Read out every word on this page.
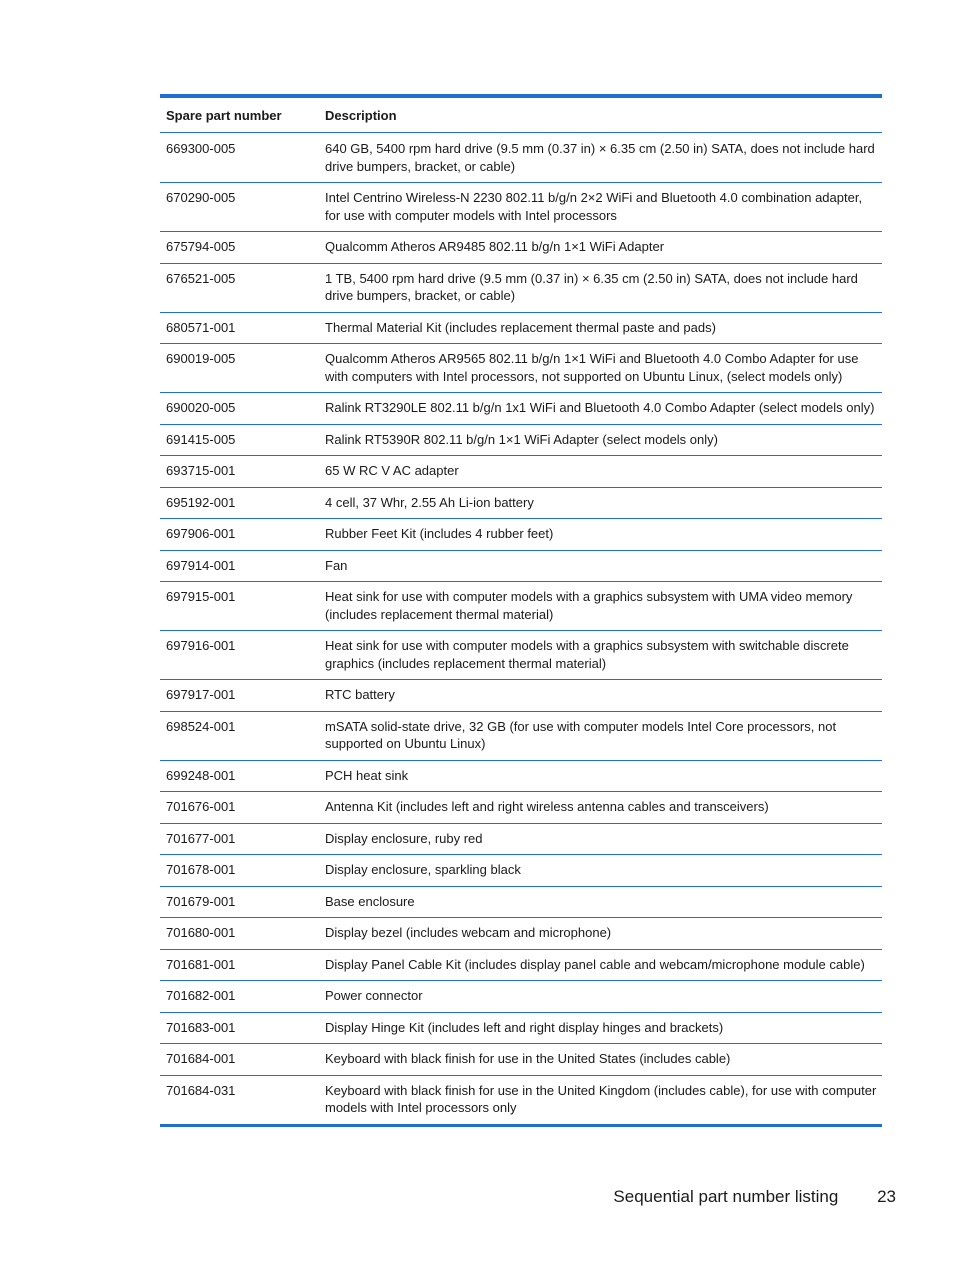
Spare part number	Description
669300-005	640 GB, 5400 rpm hard drive (9.5 mm (0.37 in) × 6.35 cm (2.50 in) SATA, does not include hard drive bumpers, bracket, or cable)
670290-005	Intel Centrino Wireless-N 2230 802.11 b/g/n 2×2 WiFi and Bluetooth 4.0 combination adapter, for use with computer models with Intel processors
675794-005	Qualcomm Atheros AR9485 802.11 b/g/n 1×1 WiFi Adapter
676521-005	1 TB, 5400 rpm hard drive (9.5 mm (0.37 in) × 6.35 cm (2.50 in) SATA, does not include hard drive bumpers, bracket, or cable)
680571-001	Thermal Material Kit (includes replacement thermal paste and pads)
690019-005	Qualcomm Atheros AR9565 802.11 b/g/n 1×1 WiFi and Bluetooth 4.0 Combo Adapter for use with computers with Intel processors, not supported on Ubuntu Linux, (select models only)
690020-005	Ralink RT3290LE 802.11 b/g/n 1x1 WiFi and Bluetooth 4.0 Combo Adapter (select models only)
691415-005	Ralink RT5390R 802.11 b/g/n 1×1 WiFi Adapter (select models only)
693715-001	65 W RC V AC adapter
695192-001	4 cell, 37 Whr, 2.55 Ah Li-ion battery
697906-001	Rubber Feet Kit (includes 4 rubber feet)
697914-001	Fan
697915-001	Heat sink for use with computer models with a graphics subsystem with UMA video memory (includes replacement thermal material)
697916-001	Heat sink for use with computer models with a graphics subsystem with switchable discrete graphics (includes replacement thermal material)
697917-001	RTC battery
698524-001	mSATA solid-state drive, 32 GB (for use with computer models Intel Core processors, not supported on Ubuntu Linux)
699248-001	PCH heat sink
701676-001	Antenna Kit (includes left and right wireless antenna cables and transceivers)
701677-001	Display enclosure, ruby red
701678-001	Display enclosure, sparkling black
701679-001	Base enclosure
701680-001	Display bezel (includes webcam and microphone)
701681-001	Display Panel Cable Kit (includes display panel cable and webcam/microphone module cable)
701682-001	Power connector
701683-001	Display Hinge Kit (includes left and right display hinges and brackets)
701684-001	Keyboard with black finish for use in the United States (includes cable)
701684-031	Keyboard with black finish for use in the United Kingdom (includes cable), for use with computer models with Intel processors only
Sequential part number listing 23
